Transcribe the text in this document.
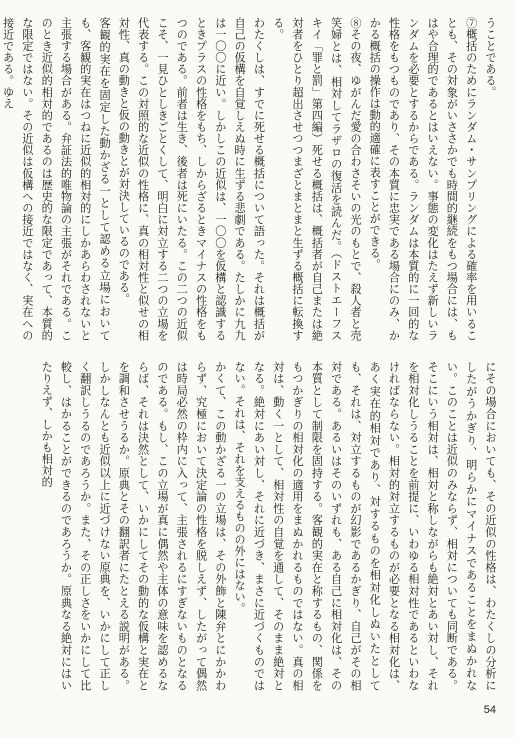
うことである。

⑦概括のためにランダム・サンプリングによる確率を用いることも、その対象がいささかでも時間的継続をもつ場合には、もはや合理的であるとはいえない。事態の変化はたえず新しいランダムを必要とするからである。ランダムは本質的に一回的な性格をもつものであり、その本質に忠実である場合にのみ、かかる概括の操作は動的適確に表すことができる。

⑧その夜、ゆがんだ愛の合わさそいの光のもとで、殺人者と売笑婦とは、相対してラザロの復活を読んだ。（ドストエーフスキイ「罪と罰」第四編）死せる概括は、概括者が自己または絶対者をひとり超出させつつまざとまとまと生ずる概括に転換する。

わたくしは、すでに死せる概括について語った。それは概括が自己の仮構を自覚しえぬ時に生ずる悲劇である。たしかに九九は一〇〇に近い。しかしこの近似は、一〇〇を仮構と認識するときプラスの性格をもち、しからざるときマイナスの性格をもつのである。前者は生き、後者は死にいたる。この二つの近似こそ、一見ひとしきごとくして、明白に対立する二つの立場を代表する。この対照的な近似の性格に、真の相対性と似せの相対性、真の動きと仮の動きとが対決しているのである。

客観的実在を固定した動かざる一として認める立場においても、客観的実在はつねに近似的相対的にしかあらわされないと主張する場合がある。弁証法的唯物論の主張がそれである。このとき近似的相対的であるのは歴史的な限定であって、本質的な限定ではない。その近似は仮構への接近ではなく、実在への接近である。ゆえ

にその場合においても、その近似の性格は、わたくしの分析にしたがうかぎり、明らかにマイナスであることをまぬかれない。このことは近似のみならず、相対についても同断である。そこにいう相対は、相対と称しながらも絶対とあい対し、それを相対化しうることを前提に、いわゆる相対性であるといわなければならない。相対的対立するものが必要となる相対化は、あく実在的相対であり、対するものを相対化しぬいたとしても、それは、対立するものが幻影であるかぎり、自己がその相対である。あるいはそのいずれも、ある自己に相対化は、その本質として制限を固持する。客観的実在と称するもの、関係をもつかぎりの相対化の適用をまぬかれるものではない。真の相対は、動く一として、相対性の自覚を通して、そのまま絶対となる。絶対にあい対し、それに近づき、まさに近づくものではない。それは、それを支えるものの外にはない。

かくて、この動かざる一の立場は、その外飾と陳弁とにかかわらず、究極において決定論の性格を脱しえず、したがって偶然は時局必然の枠内に入って、主張されるにすぎないものとなるのである。もし、この立場が真に偶然や主体の意味を認めるならば、それは決然として、いかにしてその動的な仮構と実在とを調和させうるか。原典とその翻訳者にたとえる説明がある。しかしなんとも近似以上に近づけない原典を、いかにして正しく翻訳しうるのであろうか。また、その正しさをいかにして比較し、はかることができるのであろうか。原典なる絶対にはいたりえず、しかも相対的

54
